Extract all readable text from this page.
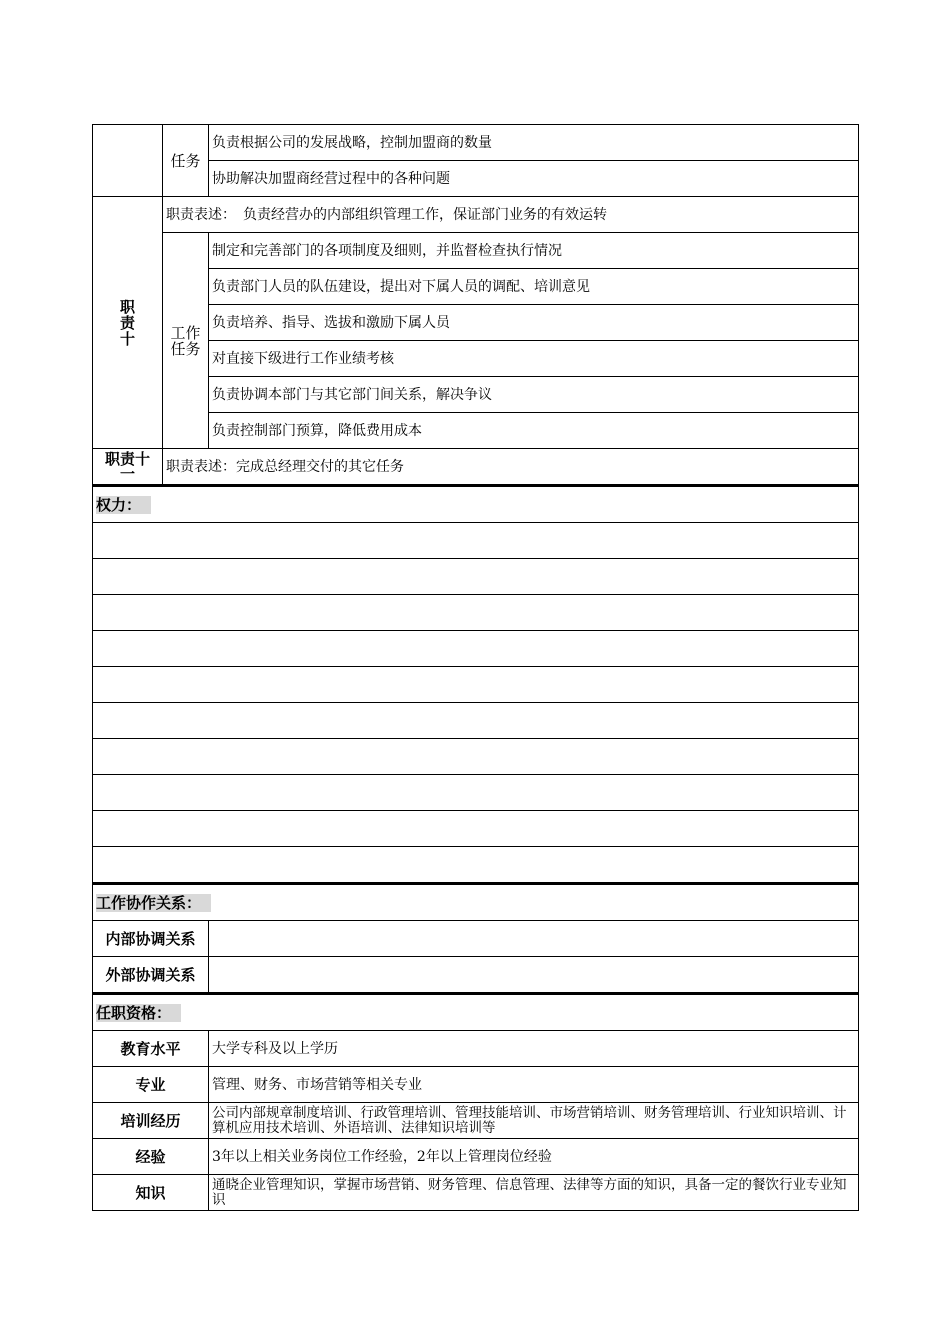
	任务	负责根据公司的发展战略，控制加盟商的数量
		协助解决加盟商经营过程中的各种问题

职责十	职责表述：　负责经营办的内部组织管理工作，保证部门业务的有效运转	

	工作任务	制定和完善部门的各项制度及细则，并监督检查执行情况
		负责部门人员的队伍建设，提出对下属人员的调配、培训意见
		负责培养、指导、选拔和激励下属人员
		对直接下级进行工作业绩考核
		负责协调本部门与其它部门间关系，解决争议
		负责控制部门预算，降低费用成本

职责十一	职责表述：完成总经理交付的其它任务	
权力：

工作协作关系：	
内部协调关系	
外部协调关系	
任职资格：	
教育水平	大学专科及以上学历
专业	管理、财务、市场营销等相关专业
培训经历	公司内部规章制度培训、行政管理培训、管理技能培训、市场营销培训、财务管理培训、行业知识培训、计算机应用技术培训、外语培训、法律知识培训等
经验	3年以上相关业务岗位工作经验，2年以上管理岗位经验
知识	通晓企业管理知识，掌握市场营销、财务管理、信息管理、法律等方面的知识，具备一定的餐饮行业专业知识
